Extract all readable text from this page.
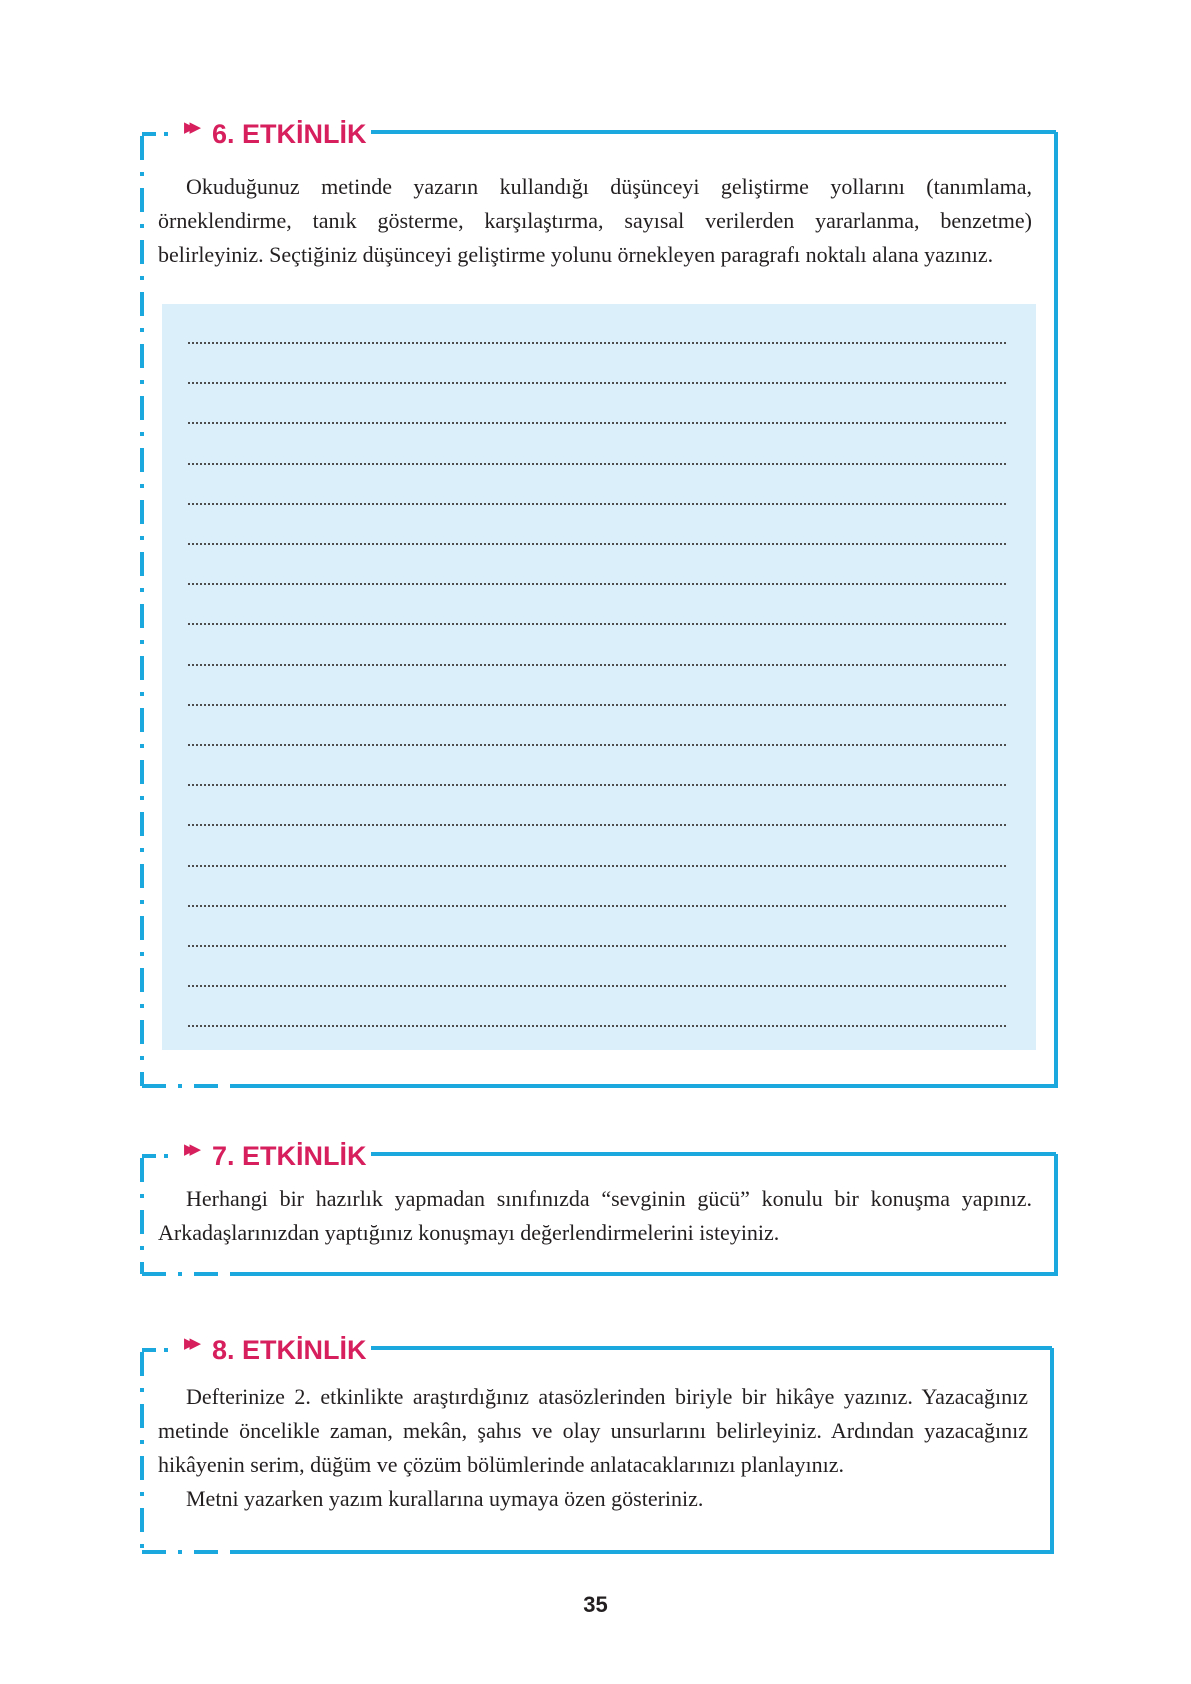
▶▶ 6. ETKİNLİK
Okuduğunuz metinde yazarın kullandığı düşünceyi geliştirme yollarını (tanımlama, örneklendirme, tanık gösterme, karşılaştırma, sayısal verilerden yararlanma, benzetme) belirleyiniz. Seçtiğiniz düşünceyi geliştirme yolunu örnekleyen paragrafı noktalı alana yazınız.
▶▶ 7. ETKİNLİK
Herhangi bir hazırlık yapmadan sınıfınızda “sevginin gücü” konulu bir konuşma yapınız. Arkadaşlarınızdan yaptığınız konuşmayı değerlendirmelerini isteyiniz.
▶▶ 8. ETKİNLİK
Defterinize 2. etkinlikte araştırdığınız atasözlerinden biriyle bir hikâye yazınız. Yazacağınız metinde öncelikle zaman, mekân, şahıs ve olay unsurlarını belirleyiniz. Ardından yazacağınız hikâyenin serim, düğüm ve çözüm bölümlerinde anlatacaklarınızı planlayınız.
Metni yazarken yazım kurallarına uymaya özen gösteriniz.
35
